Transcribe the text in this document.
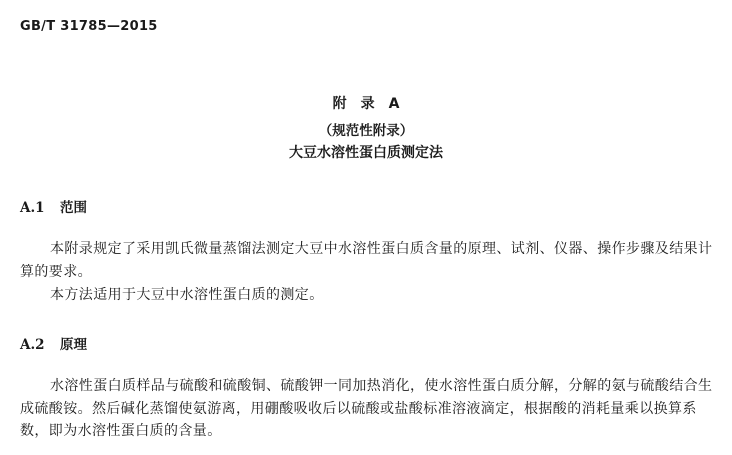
GB/T 31785—2015
附　录　A
（规范性附录）
大豆水溶性蛋白质测定法
A.1 范围
本附录规定了采用凯氏微量蒸馏法测定大豆中水溶性蛋白质含量的原理、试剂、仪器、操作步骤及结果计算的要求。
本方法适用于大豆中水溶性蛋白质的测定。
A.2 原理
水溶性蛋白质样品与硫酸和硫酸铜、硫酸钾一同加热消化，使水溶性蛋白质分解，分解的氨与硫酸结合生成硫酸铵。然后碱化蒸馏使氨游离，用硼酸吸收后以硫酸或盐酸标准溶液滴定，根据酸的消耗量乘以换算系数，即为水溶性蛋白质的含量。
